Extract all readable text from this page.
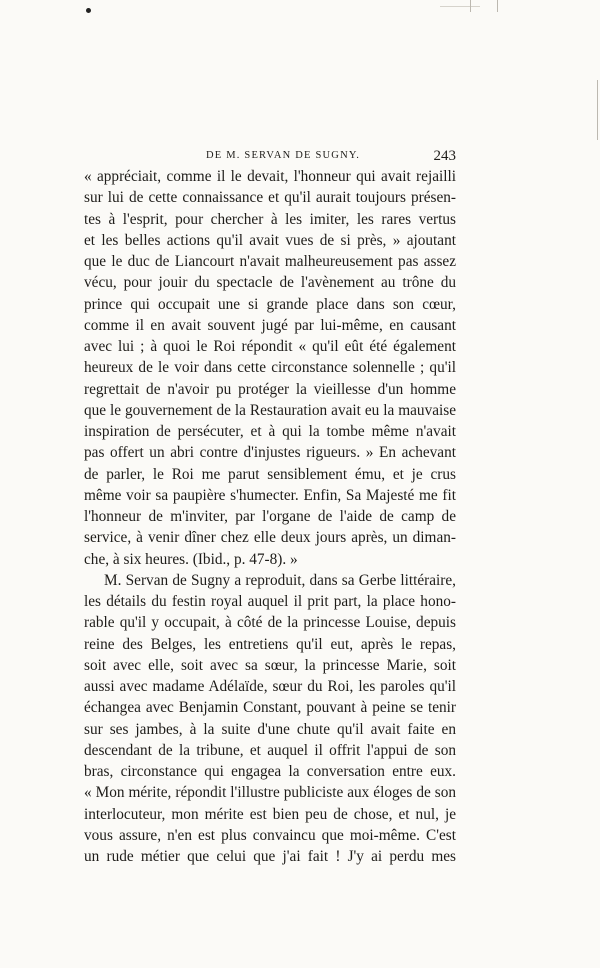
DE M. SERVAN DE SUGNY.	243
« appréciait, comme il le devait, l'honneur qui avait rejailli
sur lui de cette connaissance et qu'il aurait toujours présen-
tes à l'esprit, pour chercher à les imiter, les rares vertus
et les belles actions qu'il avait vues de si près, » ajoutant
que le duc de Liancourt n'avait malheureusement pas assez
vécu, pour jouir du spectacle de l'avènement au trône du
prince qui occupait une si grande place dans son cœur,
comme il en avait souvent jugé par lui-même, en causant
avec lui ; à quoi le Roi répondit « qu'il eût été également
heureux de le voir dans cette circonstance solennelle ; qu'il
regrettait de n'avoir pu protéger la vieillesse d'un homme
que le gouvernement de la Restauration avait eu la mauvaise
inspiration de persécuter, et à qui la tombe même n'avait
pas offert un abri contre d'injustes rigueurs. » En achevant
de parler, le Roi me parut sensiblement ému, et je crus
même voir sa paupière s'humecter. Enfin, Sa Majesté me fit
l'honneur de m'inviter, par l'organe de l'aide de camp de
service, à venir dîner chez elle deux jours après, un diman-
che, à six heures. (Ibid., p. 47-8). »
M. Servan de Sugny a reproduit, dans sa Gerbe littéraire,
les détails du festin royal auquel il prit part, la place hono-
rable qu'il y occupait, à côté de la princesse Louise, depuis
reine des Belges, les entretiens qu'il eut, après le repas,
soit avec elle, soit avec sa sœur, la princesse Marie, soit
aussi avec madame Adélaïde, sœur du Roi, les paroles qu'il
échangea avec Benjamin Constant, pouvant à peine se tenir
sur ses jambes, à la suite d'une chute qu'il avait faite en
descendant de la tribune, et auquel il offrit l'appui de son
bras, circonstance qui engagea la conversation entre eux.
« Mon mérite, répondit l'illustre publiciste aux éloges de son
interlocuteur, mon mérite est bien peu de chose, et nul, je
vous assure, n'en est plus convaincu que moi-même. C'est
un rude métier que celui que j'ai fait ! J'y ai perdu mes
